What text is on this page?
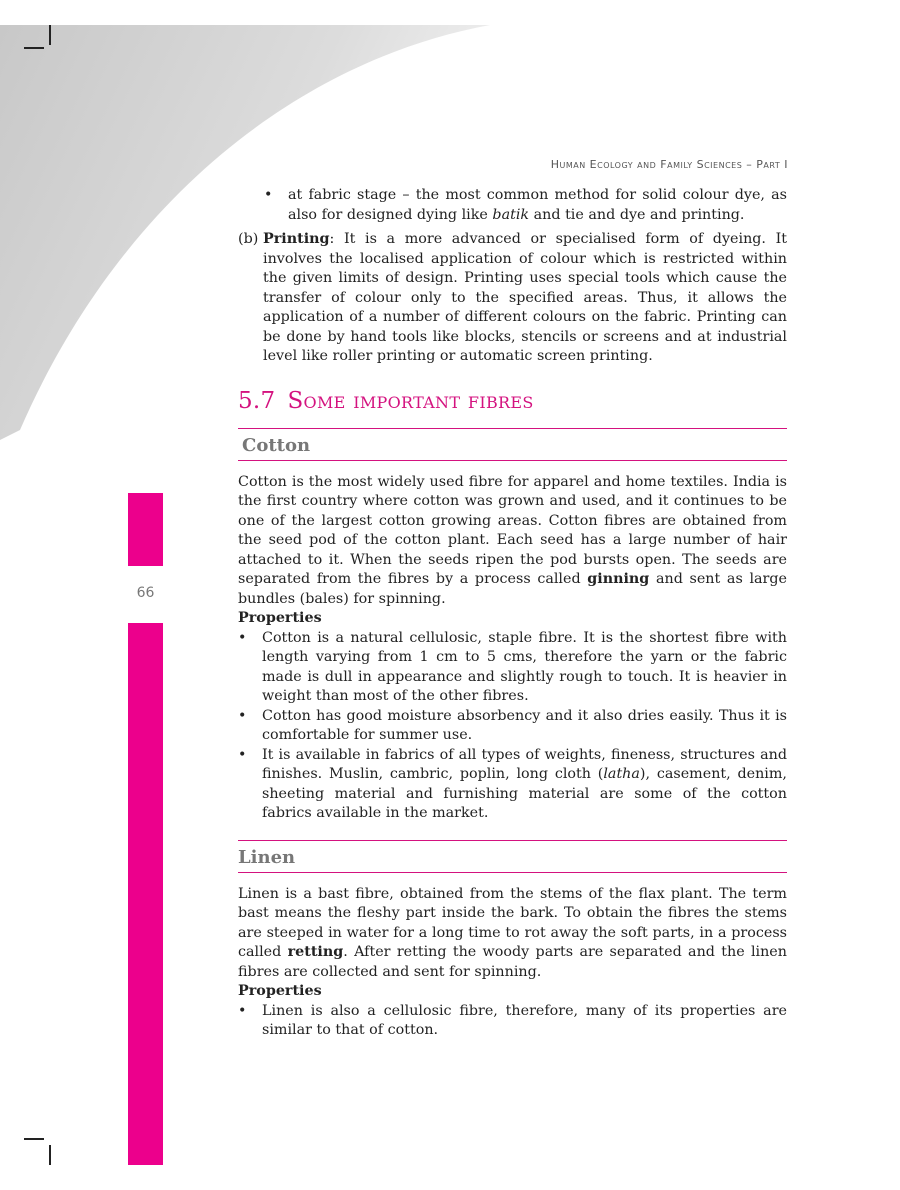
Human Ecology and Family Sciences – Part I
66
• at fabric stage – the most common method for solid colour dye, as also for designed dying like batik and tie and dye and printing.

(b) Printing: It is a more advanced or specialised form of dyeing. It involves the localised application of colour which is restricted within the given limits of design. Printing uses special tools which cause the transfer of colour only to the specified areas. Thus, it allows the application of a number of different colours on the fabric. Printing can be done by hand tools like blocks, stencils or screens and at industrial level like roller printing or automatic screen printing.

5.7 Some important fibres
Cotton

Cotton is the most widely used fibre for apparel and home textiles. India is the first country where cotton was grown and used, and it continues to be one of the largest cotton growing areas. Cotton fibres are obtained from the seed pod of the cotton plant. Each seed has a large number of hair attached to it. When the seeds ripen the pod bursts open. The seeds are separated from the fibres by a process called ginning and sent as large bundles (bales) for spinning.

Properties
• Cotton is a natural cellulosic, staple fibre. It is the shortest fibre with length varying from 1 cm to 5 cms, therefore the yarn or the fabric made is dull in appearance and slightly rough to touch. It is heavier in weight than most of the other fibres.
• Cotton has good moisture absorbency and it also dries easily. Thus it is comfortable for summer use.
• It is available in fabrics of all types of weights, fineness, structures and finishes. Muslin, cambric, poplin, long cloth (latha), casement, denim, sheeting material and furnishing material are some of the cotton fabrics available in the market.
Linen

Linen is a bast fibre, obtained from the stems of the flax plant. The term bast means the fleshy part inside the bark. To obtain the fibres the stems are steeped in water for a long time to rot away the soft parts, in a process called retting. After retting the woody parts are separated and the linen fibres are collected and sent for spinning.

Properties
• Linen is also a cellulosic fibre, therefore, many of its properties are similar to that of cotton.
